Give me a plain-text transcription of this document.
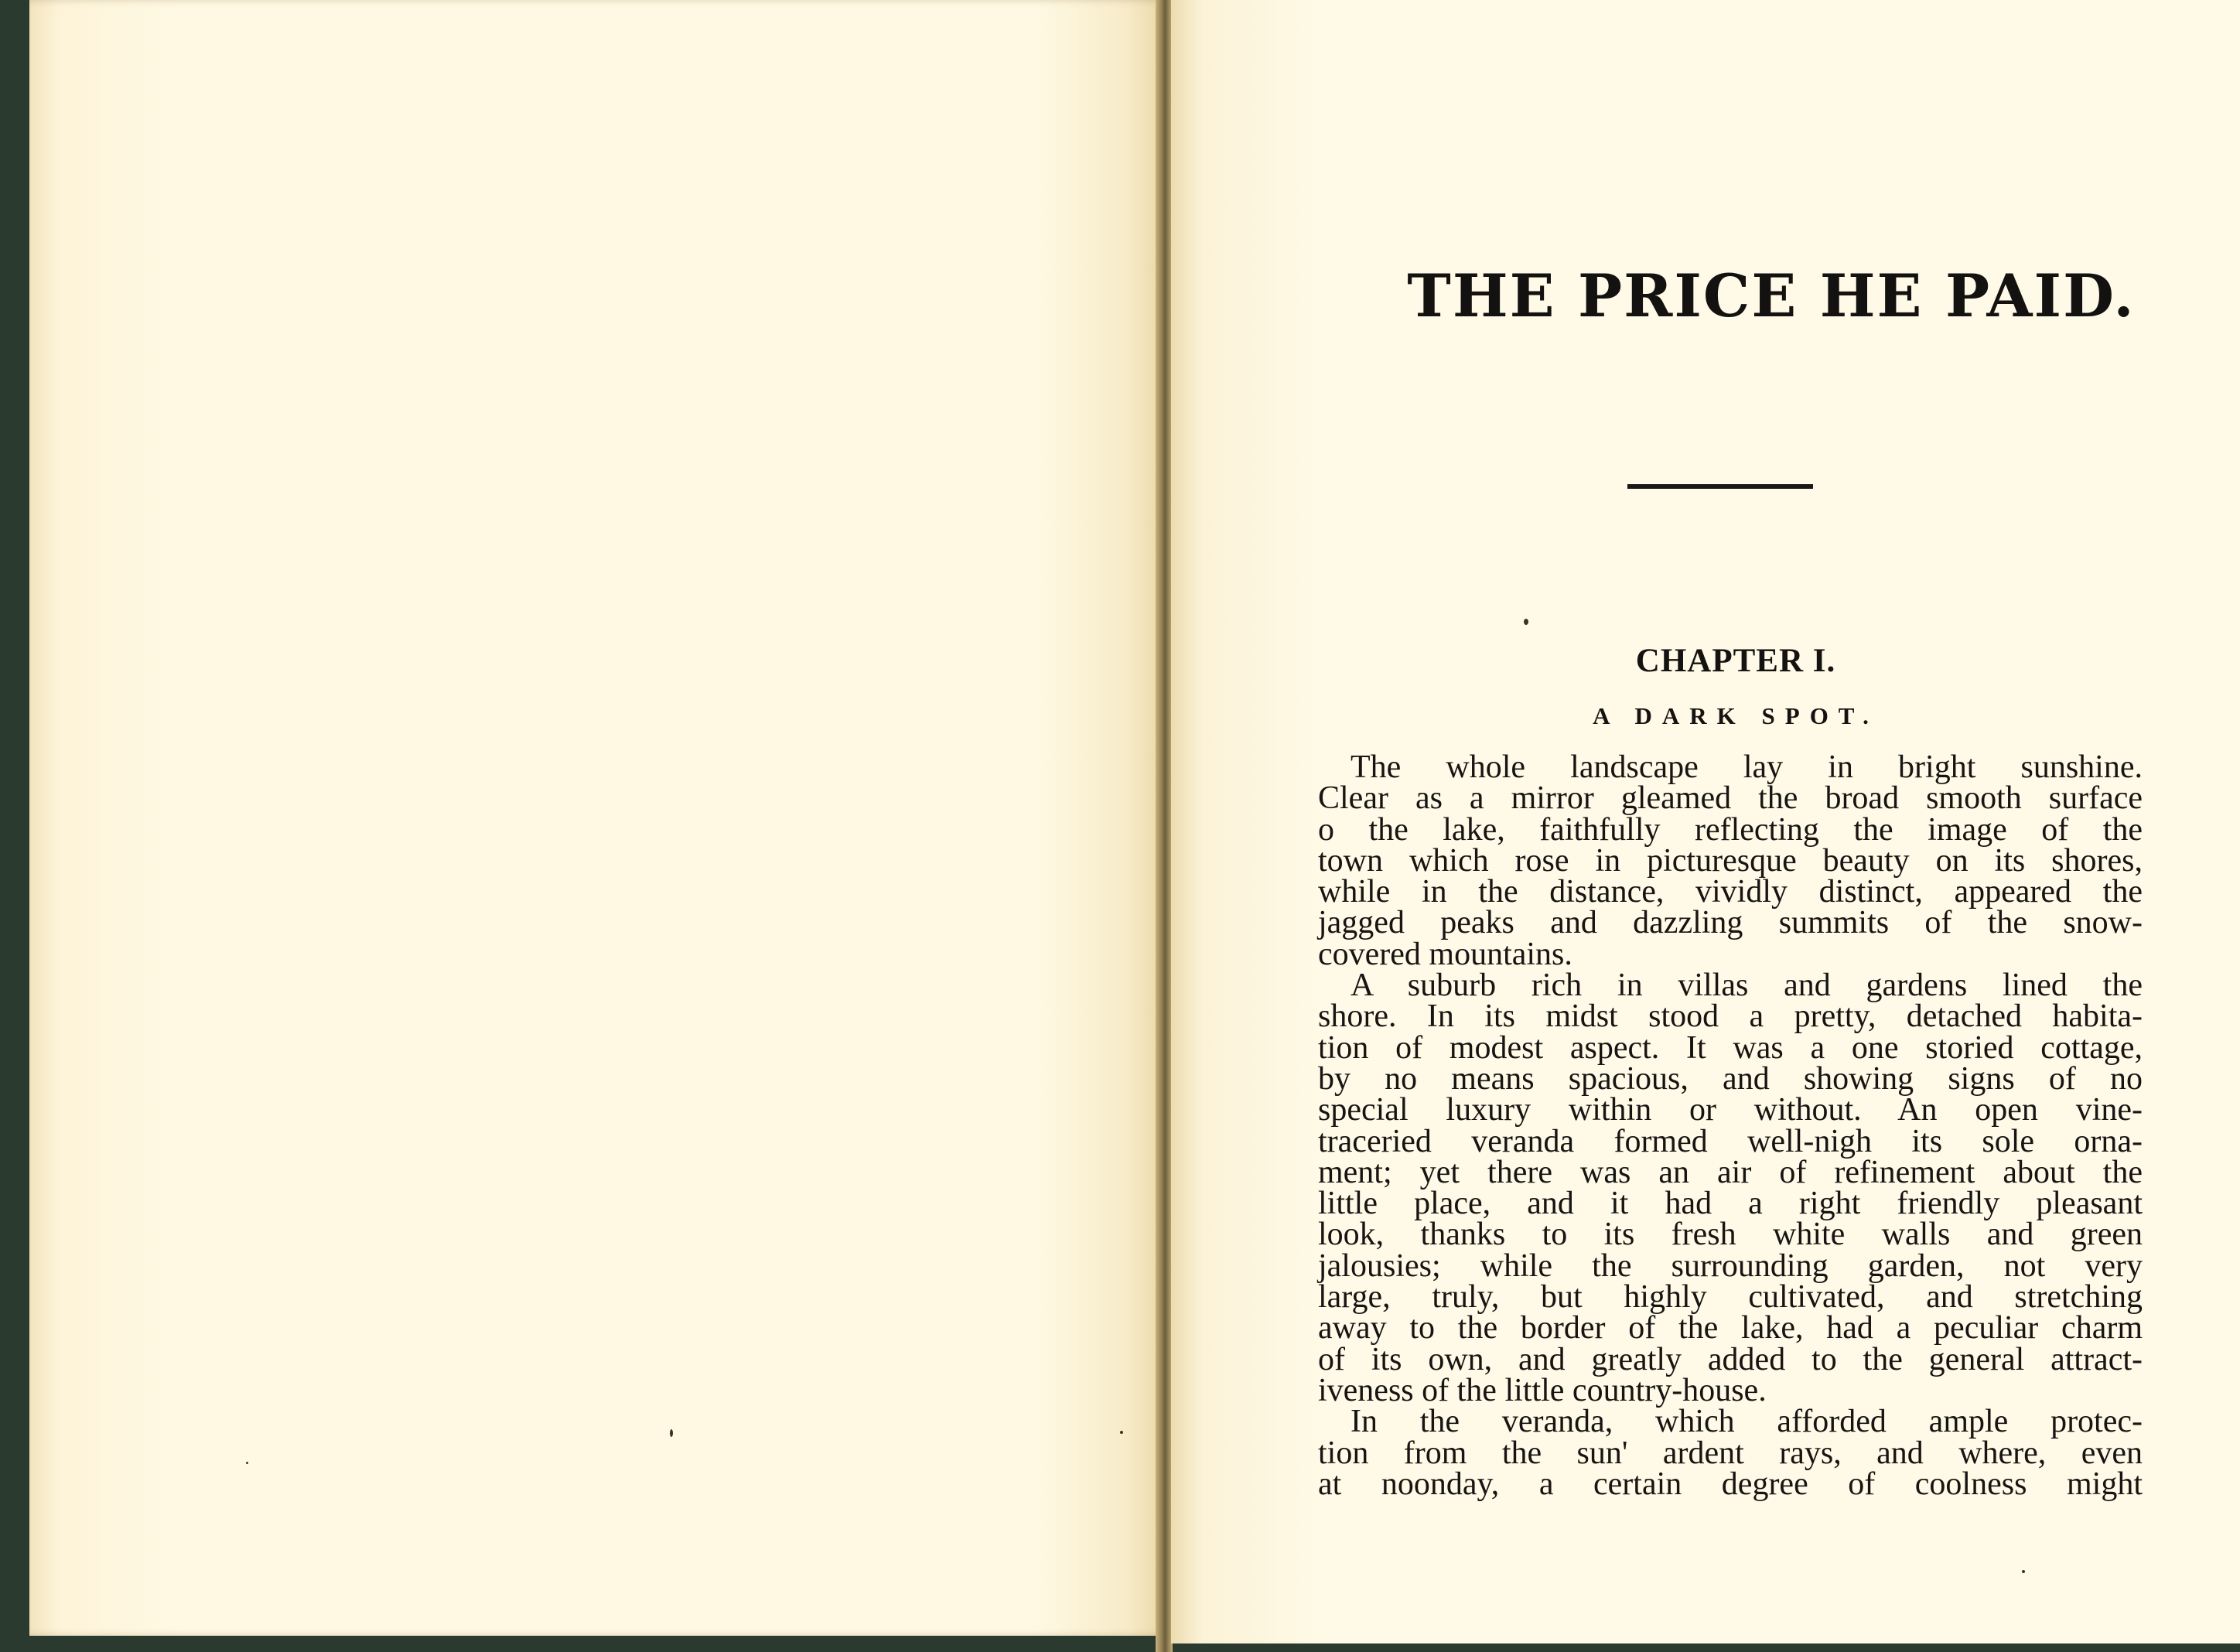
THE PRICE HE PAID.
CHAPTER I.
A DARK SPOT.
The whole landscape lay in bright sunshine.
Clear as a mirror gleamed the broad smooth surface
o the lake, faithfully reflecting the image of the
town which rose in picturesque beauty on its shores,
while in the distance, vividly distinct, appeared the
jagged peaks and dazzling summits of the snow-
covered mountains.
A suburb rich in villas and gardens lined the
shore. In its midst stood a pretty, detached habita-
tion of modest aspect. It was a one storied cottage,
by no means spacious, and showing signs of no
special luxury within or without. An open vine-
traceried veranda formed well-nigh its sole orna-
ment; yet there was an air of refinement about the
little place, and it had a right friendly pleasant
look, thanks to its fresh white walls and green
jalousies; while the surrounding garden, not very
large, truly, but highly cultivated, and stretching
away to the border of the lake, had a peculiar charm
of its own, and greatly added to the general attract-
iveness of the little country-house.
In the veranda, which afforded ample protec-
tion from the sun' ardent rays, and where, even
at noonday, a certain degree of coolness might
